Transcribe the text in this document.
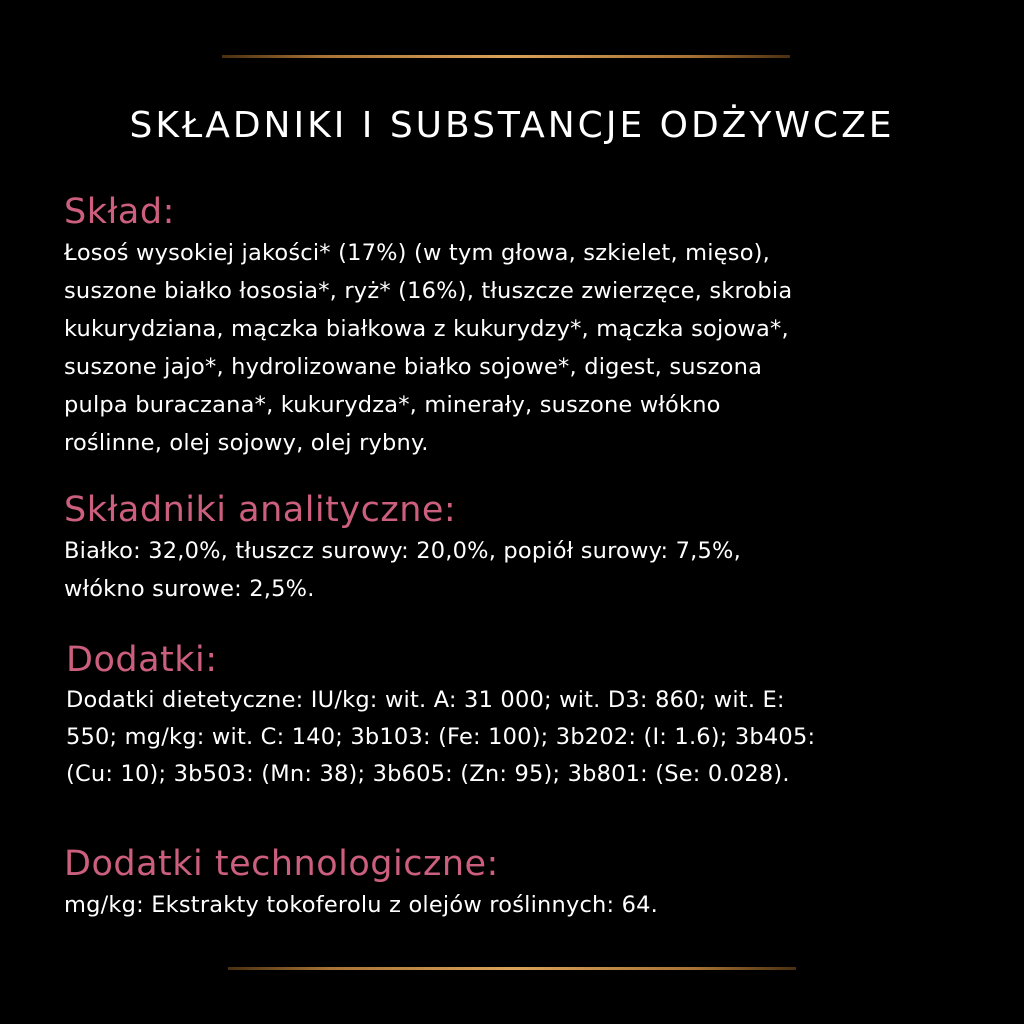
SKŁADNIKI I SUBSTANCJE ODŻYWCZE
Skład:

Łosoś wysokiej jakości* (17%) (w tym głowa, szkielet, mięso),
suszone białko łososia*, ryż* (16%), tłuszcze zwierzęce, skrobia
kukurydziana, mączka białkowa z kukurydzy*, mączka sojowa*,
suszone jajo*, hydrolizowane białko sojowe*, digest, suszona
pulpa buraczana*, kukurydza*, minerały, suszone włókno
roślinne, olej sojowy, olej rybny.

Składniki analityczne:

Białko: 32,0%, tłuszcz surowy: 20,0%, popiół surowy: 7,5%,
włókno surowe: 2,5%.

Dodatki:

Dodatki dietetyczne: IU/kg: wit. A: 31 000; wit. D3: 860; wit. E:
550; mg/kg: wit. C: 140; 3b103: (Fe: 100); 3b202: (I: 1.6); 3b405:
(Cu: 10); 3b503: (Mn: 38); 3b605: (Zn: 95); 3b801: (Se: 0.028).

Dodatki technologiczne:

mg/kg: Ekstrakty tokoferolu z olejów roślinnych: 64.
